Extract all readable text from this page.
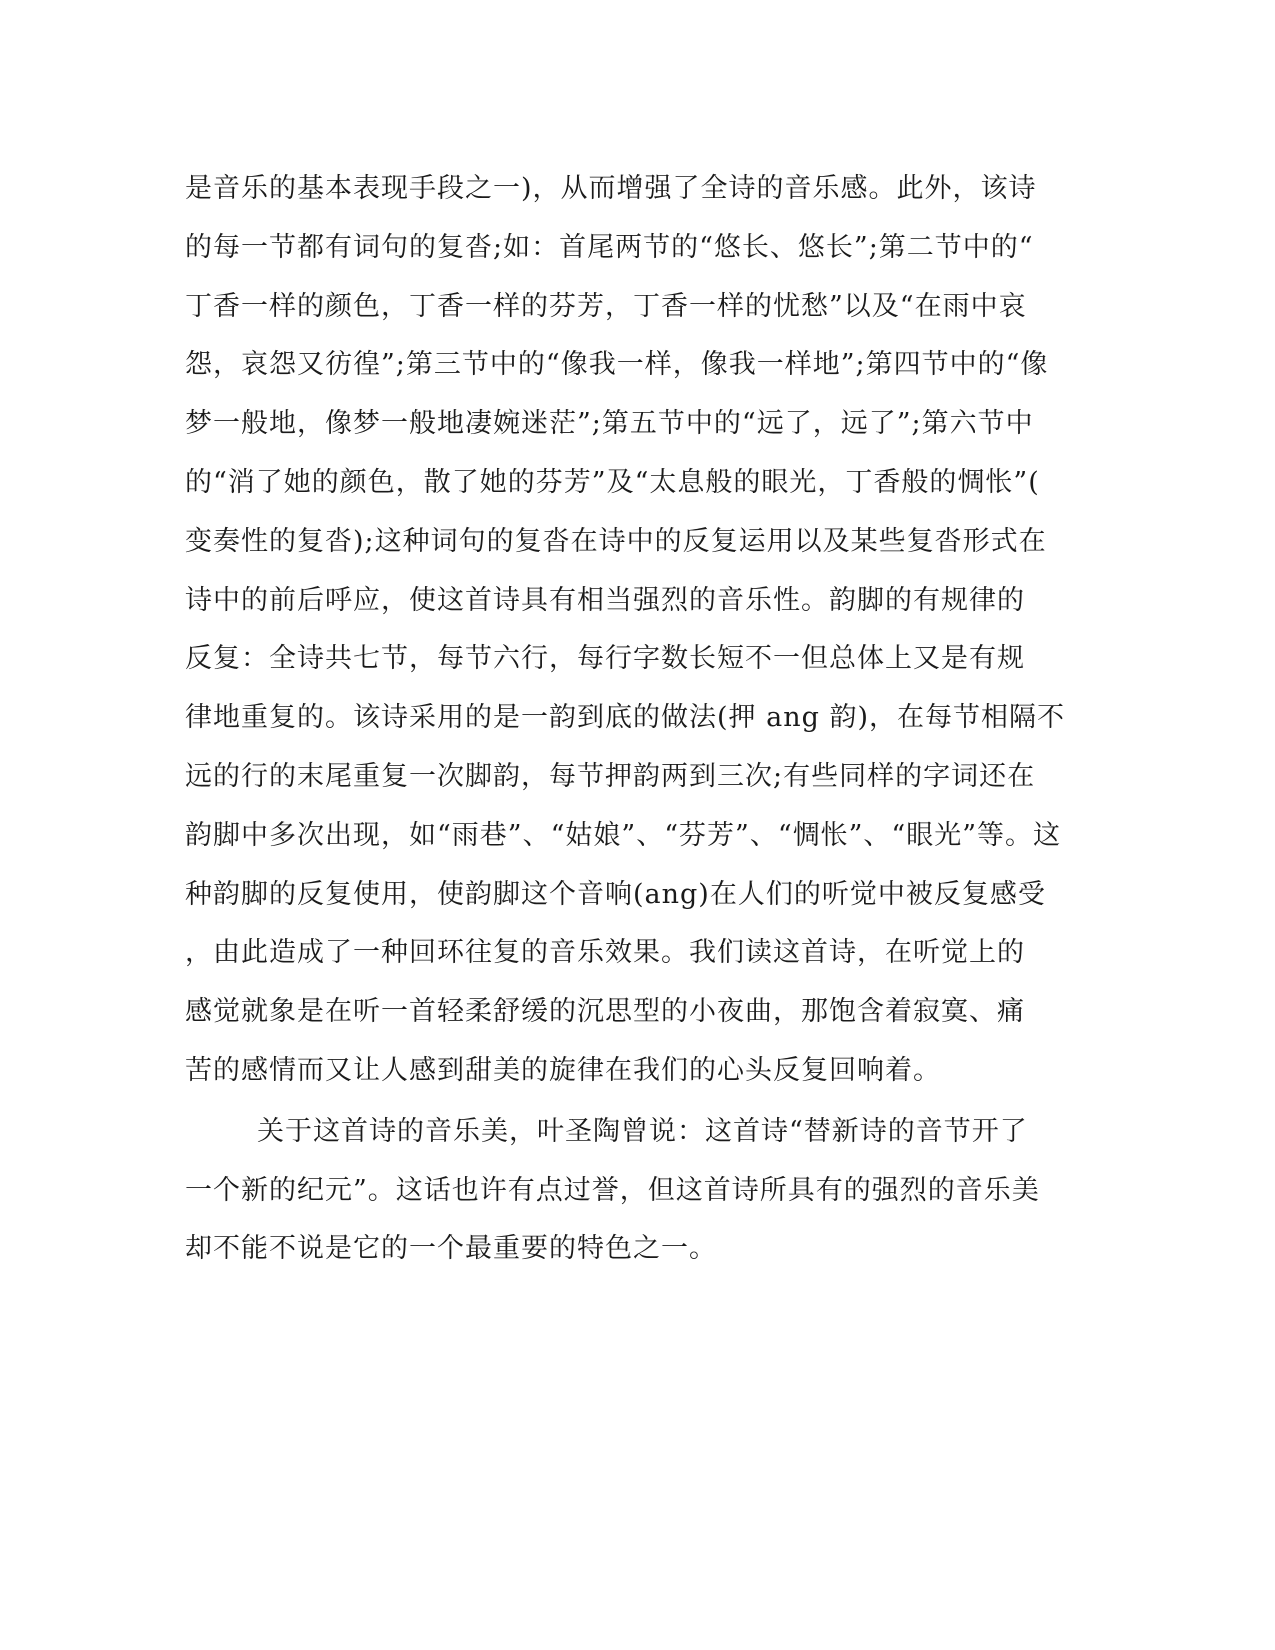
是音乐的基本表现手段之一)，从而增强了全诗的音乐感。此外，该诗
的每一节都有词句的复沓;如：首尾两节的“悠长、悠长”;第二节中的“
丁香一样的颜色，丁香一样的芬芳，丁香一样的忧愁”以及“在雨中哀
怨，哀怨又彷徨”;第三节中的“像我一样，像我一样地”;第四节中的“像
梦一般地，像梦一般地凄婉迷茫”;第五节中的“远了，远了”;第六节中
的“消了她的颜色，散了她的芬芳”及“太息般的眼光，丁香般的惆怅”(
变奏性的复沓);这种词句的复沓在诗中的反复运用以及某些复沓形式在
诗中的前后呼应，使这首诗具有相当强烈的音乐性。韵脚的有规律的
反复：全诗共七节，每节六行，每行字数长短不一但总体上又是有规
律地重复的。该诗采用的是一韵到底的做法(押 ang 韵)，在每节相隔不
远的行的末尾重复一次脚韵，每节押韵两到三次;有些同样的字词还在
韵脚中多次出现，如“雨巷”、“姑娘”、“芬芳”、“惆怅”、“眼光”等。这
种韵脚的反复使用，使韵脚这个音响(ang)在人们的听觉中被反复感受
，由此造成了一种回环往复的音乐效果。我们读这首诗，在听觉上的
感觉就象是在听一首轻柔舒缓的沉思型的小夜曲，那饱含着寂寞、痛
苦的感情而又让人感到甜美的旋律在我们的心头反复回响着。
关于这首诗的音乐美，叶圣陶曾说：这首诗“替新诗的音节开了
一个新的纪元”。这话也许有点过誉，但这首诗所具有的强烈的音乐美
却不能不说是它的一个最重要的特色之一。
